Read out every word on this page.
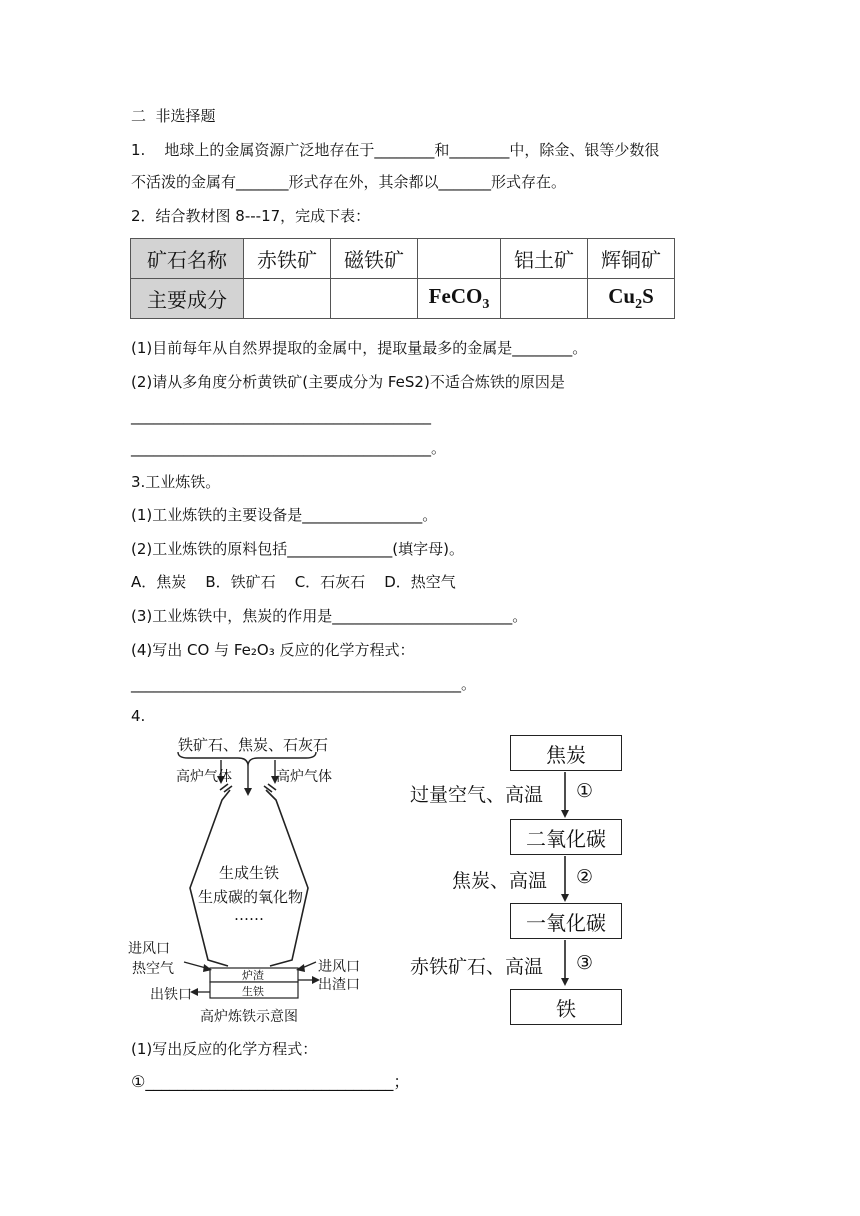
二  非选择题
1.    地球上的金属资源广泛地存在于________和________中，除金、银等少数很
不活泼的金属有_______形式存在外，其余都以_______形式存在。
2．结合教材图 8---17，完成下表：
矿石名称	赤铁矿	磁铁矿		铝土矿	辉铜矿
主要成分			FeCO$_3$		$Cu_2S$
(1)目前每年从自然界提取的金属中，提取量最多的金属是________。
(2)请从多角度分析黄铁矿(主要成分为 FeS2)不适合炼铁的原因是
________________________________________
________________________________________。
3.工业炼铁。
(1)工业炼铁的主要设备是________________。
(2)工业炼铁的原料包括______________(填字母)。
A．焦炭    B．铁矿石    C．石灰石    D．热空气
(3)工业炼铁中，焦炭的作用是________________________。
(4)写出 CO 与 Fe₂O₃ 反应的化学方程式：
____________________________________________。
4.
铁矿石、焦炭、石灰石
高炉气体	高炉气体
生成生铁
生成碳的氧化物
……
进风口
热空气	进风口
炉渣
生铁	出渣口
出铁口
高炉炼铁示意图
焦炭
二氧化碳
一氧化碳
铁
过量空气、高温 ①
焦炭、高温 ②
赤铁矿石、高温 ③
(1)写出反应的化学方程式：
①_______________________________；
